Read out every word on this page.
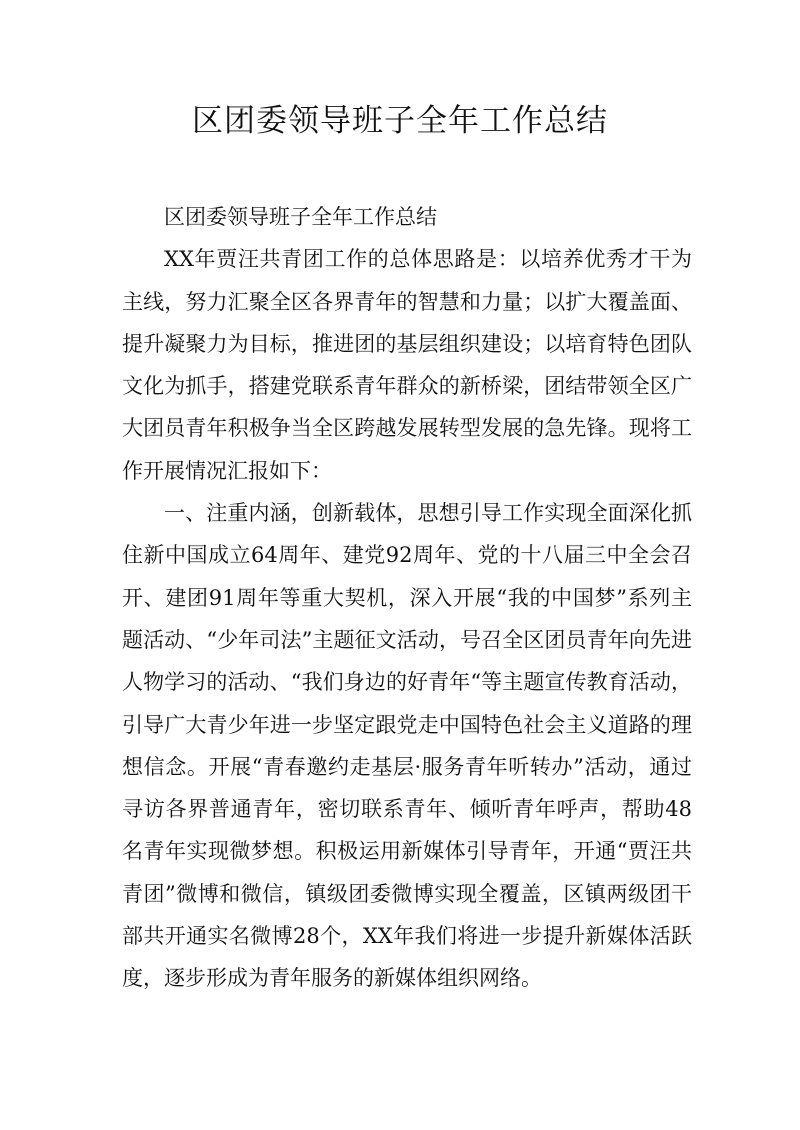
区团委领导班子全年工作总结

区团委领导班子全年工作总结

XX年贾汪共青团工作的总体思路是：以培养优秀才干为主线，努力汇聚全区各界青年的智慧和力量；以扩大覆盖面、提升凝聚力为目标，推进团的基层组织建设；以培育特色团队文化为抓手，搭建党联系青年群众的新桥梁，团结带领全区广大团员青年积极争当全区跨越发展转型发展的急先锋。现将工作开展情况汇报如下：

一、注重内涵，创新载体，思想引导工作实现全面深化抓住新中国成立64周年、建党92周年、党的十八届三中全会召开、建团91周年等重大契机，深入开展“我的中国梦”系列主题活动、“少年司法”主题征文活动，号召全区团员青年向先进人物学习的活动、“我们身边的好青年“等主题宣传教育活动，引导广大青少年进一步坚定跟党走中国特色社会主义道路的理想信念。开展“青春邀约走基层·服务青年听转办”活动，通过寻访各界普通青年，密切联系青年、倾听青年呼声，帮助48名青年实现微梦想。积极运用新媒体引导青年，开通“贾汪共青团”微博和微信，镇级团委微博实现全覆盖，区镇两级团干部共开通实名微博28个，XX年我们将进一步提升新媒体活跃度，逐步形成为青年服务的新媒体组织网络。
